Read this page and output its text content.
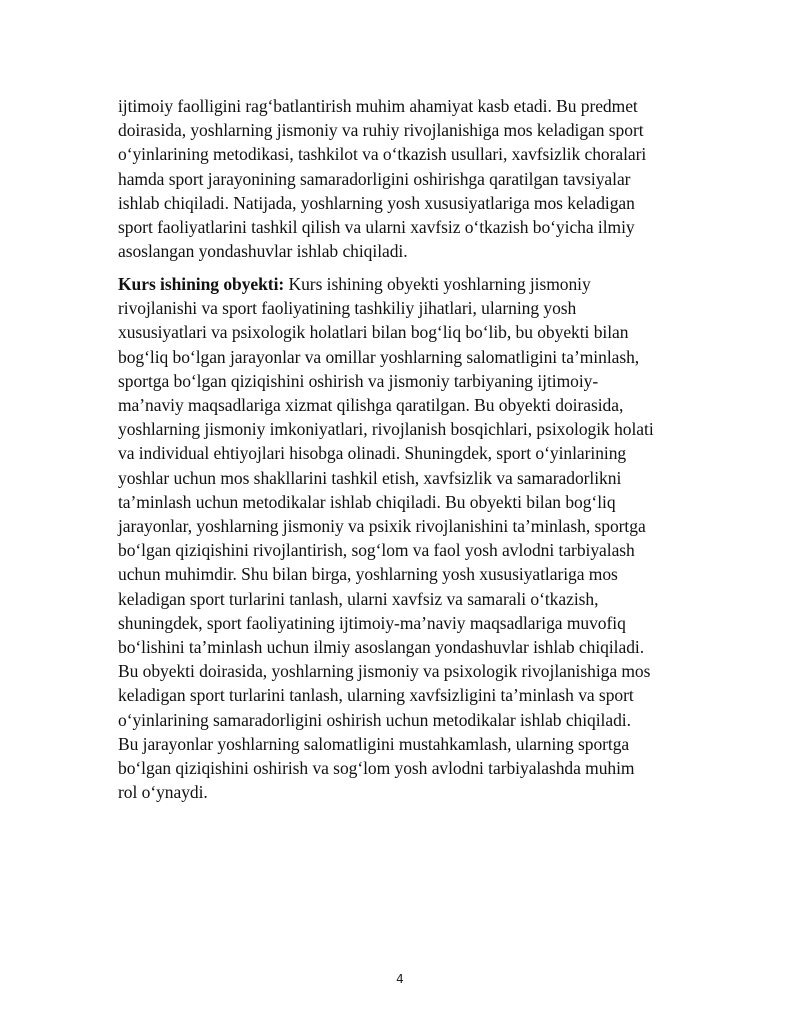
ijtimoiy faolligini rag‘batlantirish muhim ahamiyat kasb etadi. Bu predmet
doirasida, yoshlarning jismoniy va ruhiy rivojlanishiga mos keladigan sport
o‘yinlarining metodikasi, tashkilot va o‘tkazish usullari, xavfsizlik choralari
hamda sport jarayonining samaradorligini oshirishga qaratilgan tavsiyalar
ishlab chiqiladi. Natijada, yoshlarning yosh xususiyatlariga mos keladigan
sport faoliyatlarini tashkil qilish va ularni xavfsiz o‘tkazish bo‘yicha ilmiy
asoslangan yondashuvlar ishlab chiqiladi.
Kurs ishining obyekti: Kurs ishining obyekti yoshlarning jismoniy
rivojlanishi va sport faoliyatining tashkiliy jihatlari, ularning yosh
xususiyatlari va psixologik holatlari bilan bog‘liq bo‘lib, bu obyekti bilan
bog‘liq bo‘lgan jarayonlar va omillar yoshlarning salomatligini ta’minlash,
sportga bo‘lgan qiziqishini oshirish va jismoniy tarbiyaning ijtimoiy-
ma’naviy maqsadlariga xizmat qilishga qaratilgan. Bu obyekti doirasida,
yoshlarning jismoniy imkoniyatlari, rivojlanish bosqichlari, psixologik holati
va individual ehtiyojlari hisobga olinadi. Shuningdek, sport o‘yinlarining
yoshlar uchun mos shakllarini tashkil etish, xavfsizlik va samaradorlikni
ta’minlash uchun metodikalar ishlab chiqiladi. Bu obyekti bilan bog‘liq
jarayonlar, yoshlarning jismoniy va psixik rivojlanishini ta’minlash, sportga
bo‘lgan qiziqishini rivojlantirish, sog‘lom va faol yosh avlodni tarbiyalash
uchun muhimdir. Shu bilan birga, yoshlarning yosh xususiyatlariga mos
keladigan sport turlarini tanlash, ularni xavfsiz va samarali o‘tkazish,
shuningdek, sport faoliyatining ijtimoiy-ma’naviy maqsadlariga muvofiq
bo‘lishini ta’minlash uchun ilmiy asoslangan yondashuvlar ishlab chiqiladi.
Bu obyekti doirasida, yoshlarning jismoniy va psixologik rivojlanishiga mos
keladigan sport turlarini tanlash, ularning xavfsizligini ta’minlash va sport
o‘yinlarining samaradorligini oshirish uchun metodikalar ishlab chiqiladi.
Bu jarayonlar yoshlarning salomatligini mustahkamlash, ularning sportga
bo‘lgan qiziqishini oshirish va sog‘lom yosh avlodni tarbiyalashda muhim
rol o‘ynaydi.
4
